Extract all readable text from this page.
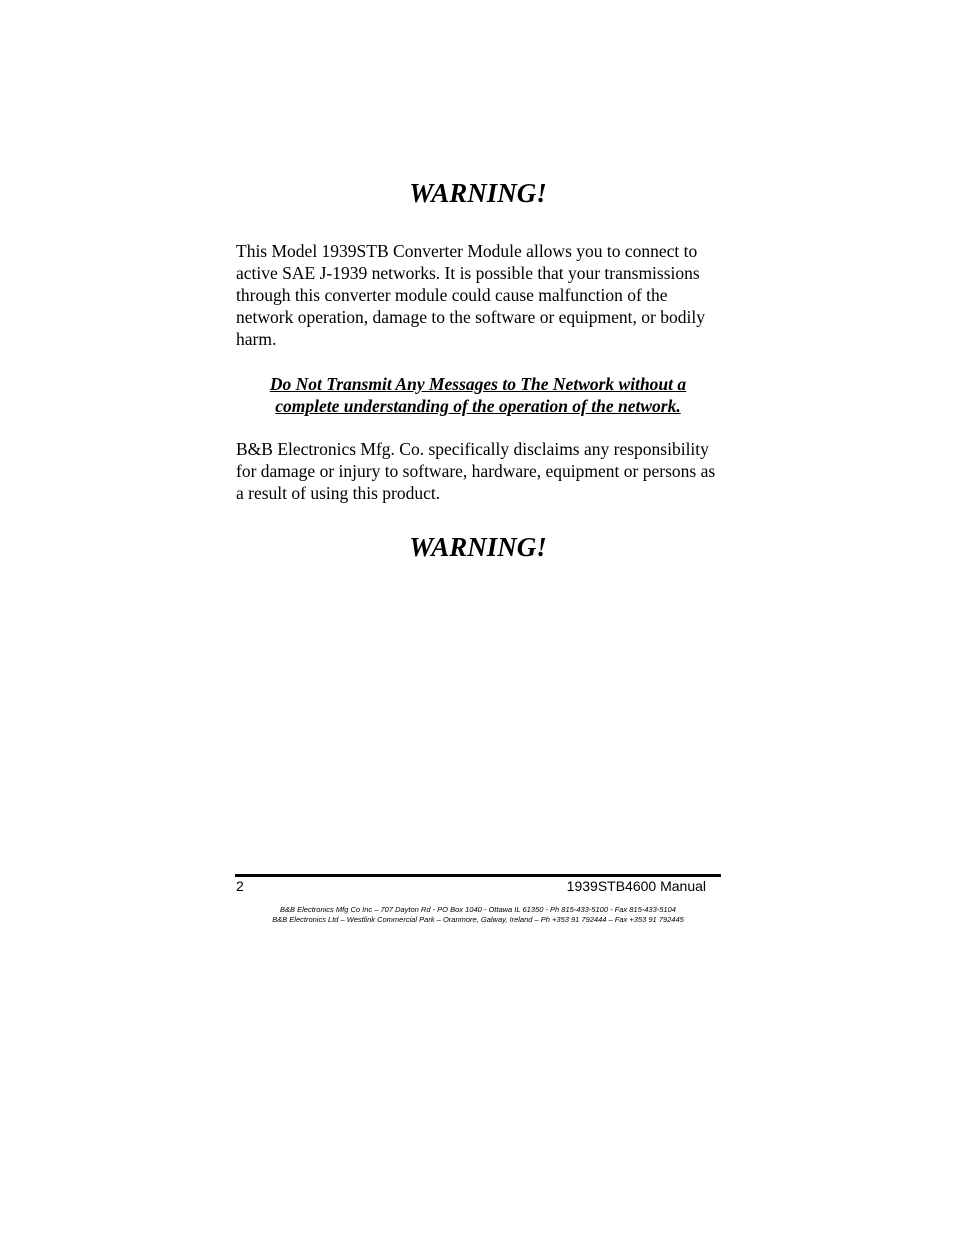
WARNING!

This Model 1939STB Converter Module allows you to connect to active SAE J-1939 networks. It is possible that your transmissions through this converter module could cause malfunction of the network operation, damage to the software or equipment, or bodily harm.

Do Not Transmit Any Messages to The Network without a
complete understanding of the operation of the network.

B&B Electronics Mfg. Co. specifically disclaims any responsibility for damage or injury to software, hardware, equipment or persons as a result of using this product.

WARNING!
2	1939STB4600 Manual
B&B Electronics Mfg Co Inc – 707 Dayton Rd - PO Box 1040 - Ottawa IL 61350 - Ph 815-433-5100 - Fax 815-433-5104
B&B Electronics Ltd – Westlink Commercial Park – Oranmore, Galway, Ireland – Ph +353 91 792444 – Fax +353 91 792445
